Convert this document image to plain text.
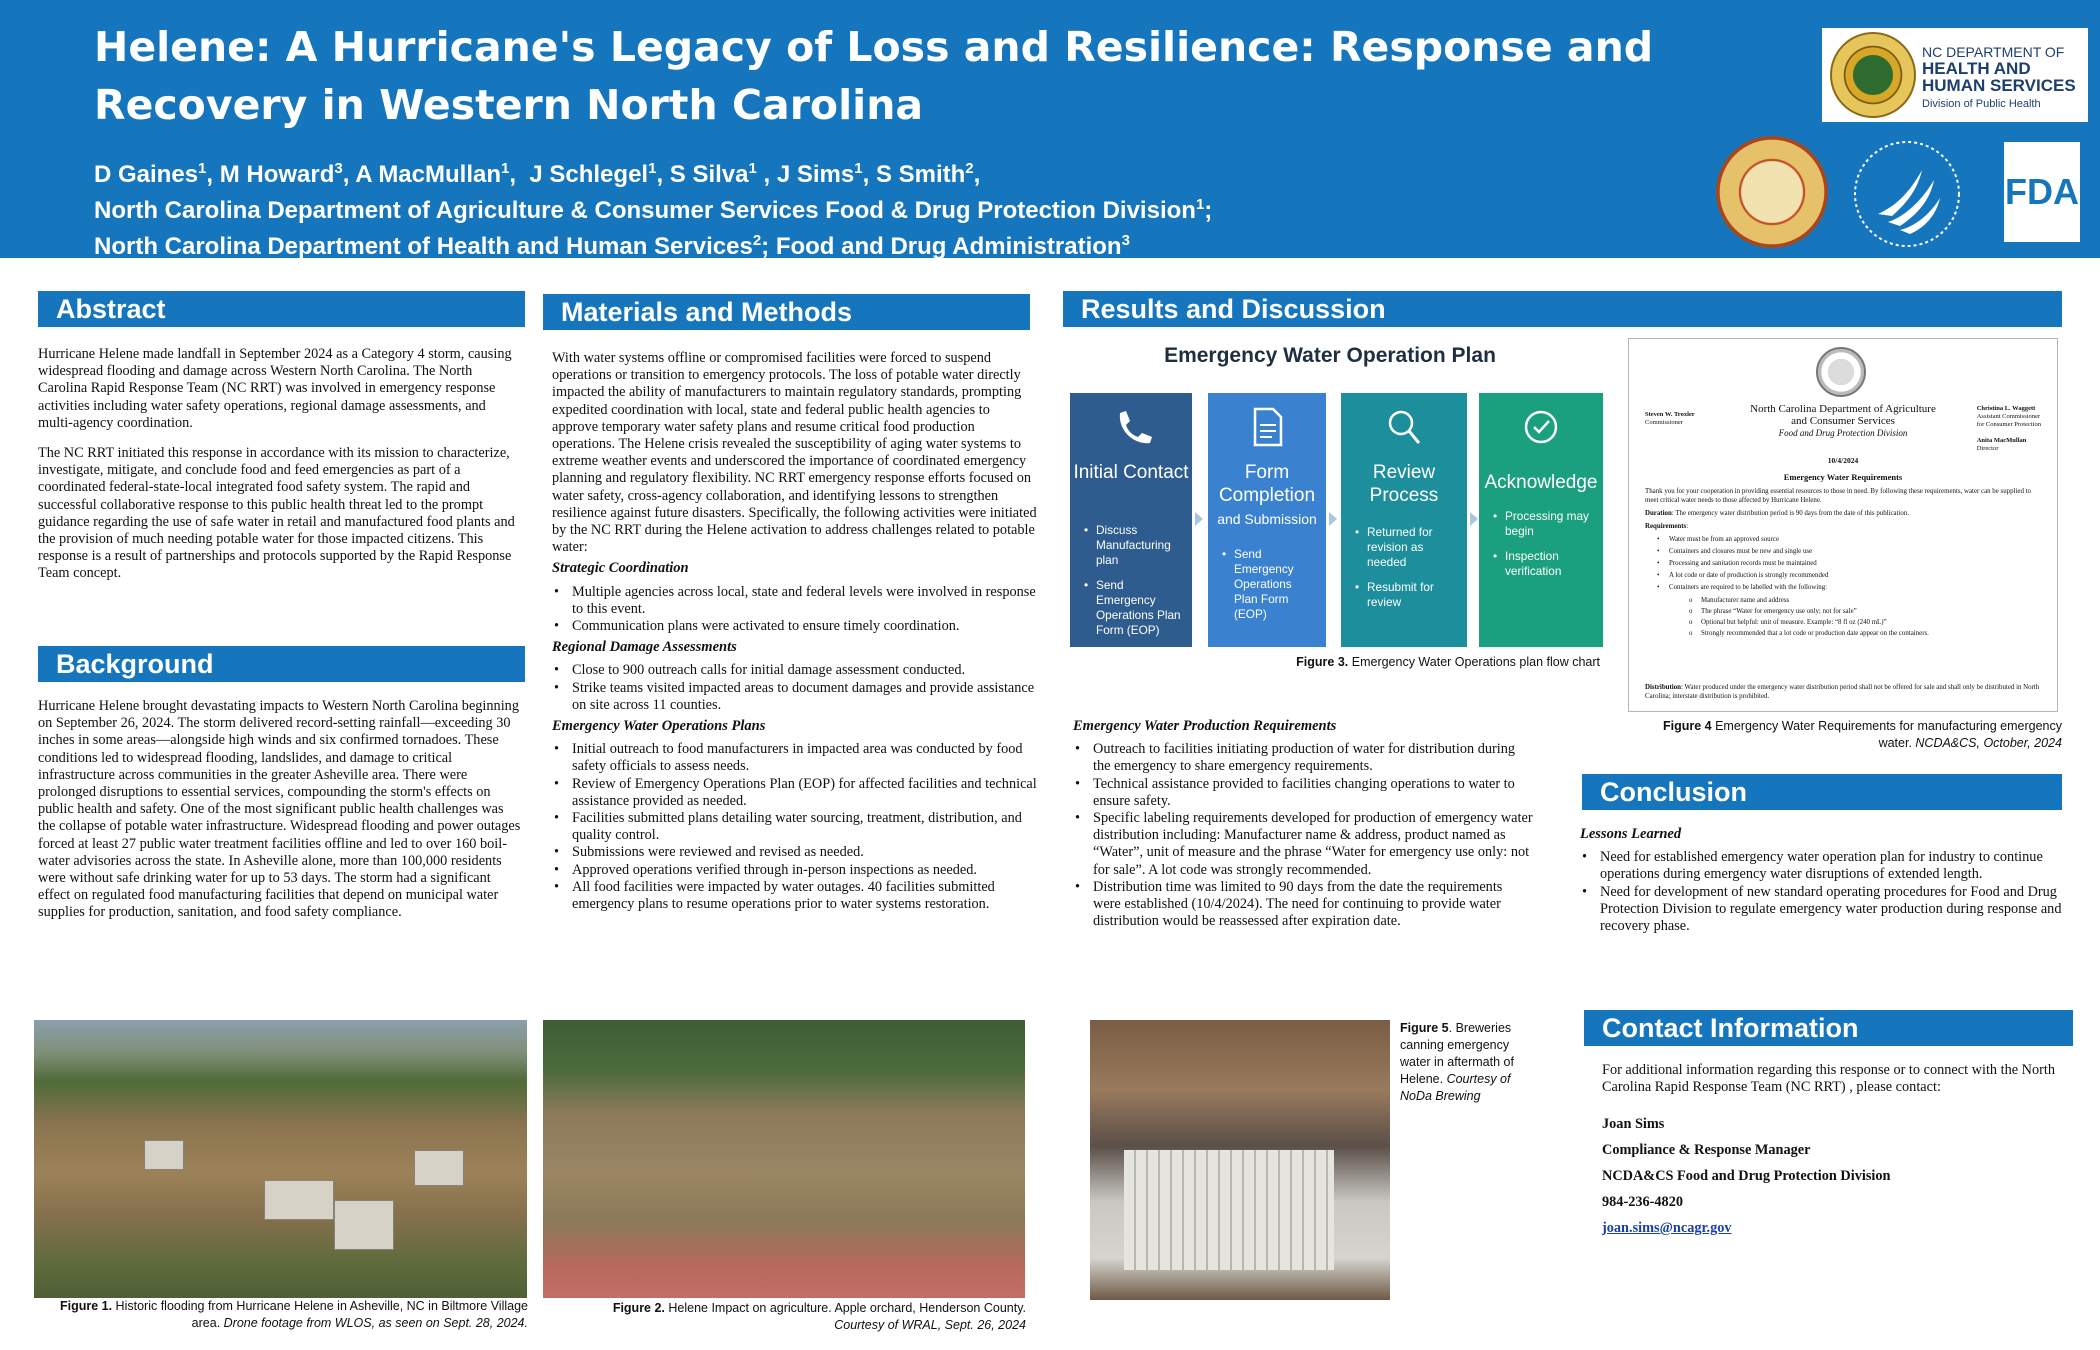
Helene: A Hurricane's Legacy of Loss and Resilience: Response and Recovery in Western North Carolina
D Gaines$^1$, M Howard$^3$, A MacMullan$^1$,  J Schlegel$^1$, S Silva$^1$ , J Sims$^1$, S Smith$^2$,
North Carolina Department of Agriculture & Consumer Services Food & Drug Protection Division$^1$;
North Carolina Department of Health and Human Services$^2$; Food and Drug Administration$^3$
NC DEPARTMENT OF
HEALTH AND
HUMAN SERVICES
Division of Public Health
FDA
Abstract

Hurricane Helene made landfall in September 2024 as a Category 4 storm, causing widespread flooding and damage across Western North Carolina. The North Carolina Rapid Response Team (NC RRT) was involved in emergency response activities including water safety operations, regional damage assessments, and multi-agency coordination.

The NC RRT initiated this response in accordance with its mission to characterize, investigate, mitigate, and conclude food and feed emergencies as part of a coordinated federal-state-local integrated food safety system. The rapid and successful collaborative response to this public health threat led to the prompt guidance regarding the use of safe water in retail and manufactured food plants and the provision of much needing potable water for those impacted citizens. This response is a result of partnerships and protocols supported by the Rapid Response Team concept.

Background

Hurricane Helene brought devastating impacts to Western North Carolina beginning on September 26, 2024. The storm delivered record-setting rainfall—exceeding 30 inches in some areas—alongside high winds and six confirmed tornadoes. These conditions led to widespread flooding, landslides, and damage to critical infrastructure across communities in the greater Asheville area. There were prolonged disruptions to essential services, compounding the storm's effects on public health and safety. One of the most significant public health challenges was the collapse of potable water infrastructure. Widespread flooding and power outages forced at least 27 public water treatment facilities offline and led to over 160 boil-water advisories across the state. In Asheville alone, more than 100,000 residents were without safe drinking water for up to 53 days. The storm had a significant effect on regulated food manufacturing facilities that depend on municipal water supplies for production, sanitation, and food safety compliance.

Figure 1. Historic flooding from Hurricane Helene in Asheville, NC in Biltmore Village area. Drone footage from WLOS, as seen on Sept. 28, 2024.
Materials and Methods

With water systems offline or compromised facilities were forced to suspend operations or transition to emergency protocols. The loss of potable water directly impacted the ability of manufacturers to maintain regulatory standards, prompting expedited coordination with local, state and federal public health agencies to approve temporary water safety plans and resume critical food production operations. The Helene crisis revealed the susceptibility of aging water systems to extreme weather events and underscored the importance of coordinated emergency planning and regulatory flexibility. NC RRT emergency response efforts focused on water safety, cross-agency collaboration, and identifying lessons to strengthen resilience against future disasters. Specifically, the following activities were initiated by the NC RRT during the Helene activation to address challenges related to potable water:

Strategic Coordination
• Multiple agencies across local, state and federal levels were involved in response to this event.
• Communication plans were activated to ensure timely coordination.
Regional Damage Assessments
• Close to 900 outreach calls for initial damage assessment conducted.
• Strike teams visited impacted areas to document damages and provide assistance on site across 11 counties.
Emergency Water Operations Plans
• Initial outreach to food manufacturers in impacted area was conducted by food safety officials to assess needs.
• Review of Emergency Operations Plan (EOP) for affected facilities and technical assistance provided as needed.
• Facilities submitted plans detailing water sourcing, treatment, distribution, and quality control.
• Submissions were reviewed and revised as needed.
• Approved operations verified through in-person inspections as needed.
• All food facilities were impacted by water outages. 40 facilities submitted emergency plans to resume operations prior to water systems restoration.
Figure 2. Helene Impact on agriculture. Apple orchard, Henderson County.
Courtesy of WRAL, Sept. 26, 2024
Results and Discussion
Emergency Water Operation Plan
Initial Contact
• Discuss Manufacturing plan
• Send Emergency Operations Plan Form (EOP)
Form Completion
and Submission
• Send Emergency Operations Plan Form (EOP)
Review Process
• Returned for revision as needed
• Resubmit for review
Acknowledge
• Processing may begin
• Inspection verification
Figure 3. Emergency Water Operations plan flow chart
Steven W. Troxler
Commissioner
North Carolina Department of Agriculture
and Consumer Services
Food and Drug Protection Division
Christina L. Waggett
Assistant Commissioner
for Consumer Protection

Anita MacMullan
Director
10/4/2024
Emergency Water Requirements

Thank you for your cooperation in providing essential resources to those in need. By following these requirements, water can be supplied to meet critical water needs to those affected by Hurricane Helene.

Duration: The emergency water distribution period is 90 days from the date of this publication.

Requirements:

• Water must be from an approved source
• Containers and closures must be new and single use
• Processing and sanitation records must be maintained
• A lot code or date of production is strongly recommended
• Containers are required to be labelled with the following:
o Manufacturer name and address
o The phrase “Water for emergency use only; not for sale”
o Optional but helpful: unit of measure. Example: “8 fl oz (240 mL)”
o Strongly recommended that a lot code or production date appear on the containers.
Distribution: Water produced under the emergency water distribution period shall not be offered for sale and shall only be distributed in North Carolina; interstate distribution is prohibited.
Figure 4 Emergency Water Requirements for manufacturing emergency water. NCDA&CS, October, 2024
Emergency Water Production Requirements
• Outreach to facilities initiating production of water for distribution during the emergency to share emergency requirements.
• Technical assistance provided to facilities changing operations to water to ensure safety.
• Specific labeling requirements developed for production of emergency water distribution including: Manufacturer name & address, product named as “Water”, unit of measure and the phrase “Water for emergency use only: not for sale”. A lot code was strongly recommended.
• Distribution time was limited to 90 days from the date the requirements were established (10/4/2024). The need for continuing to provide water distribution would be reassessed after expiration date.
Figure 5. Breweries canning emergency water in aftermath of Helene. Courtesy of NoDa Brewing
Conclusion
Lessons Learned
• Need for established emergency water operation plan for industry to continue operations during emergency water disruptions of extended length.
• Need for development of new standard operating procedures for Food and Drug Protection Division to regulate emergency water production during response and recovery phase.
Contact Information

For additional information regarding this response or to connect with the North Carolina Rapid Response Team (NC RRT) , please contact:

Joan Sims
Compliance & Response Manager
NCDA&CS Food and Drug Protection Division
984-236-4820
joan.sims@ncagr.gov
